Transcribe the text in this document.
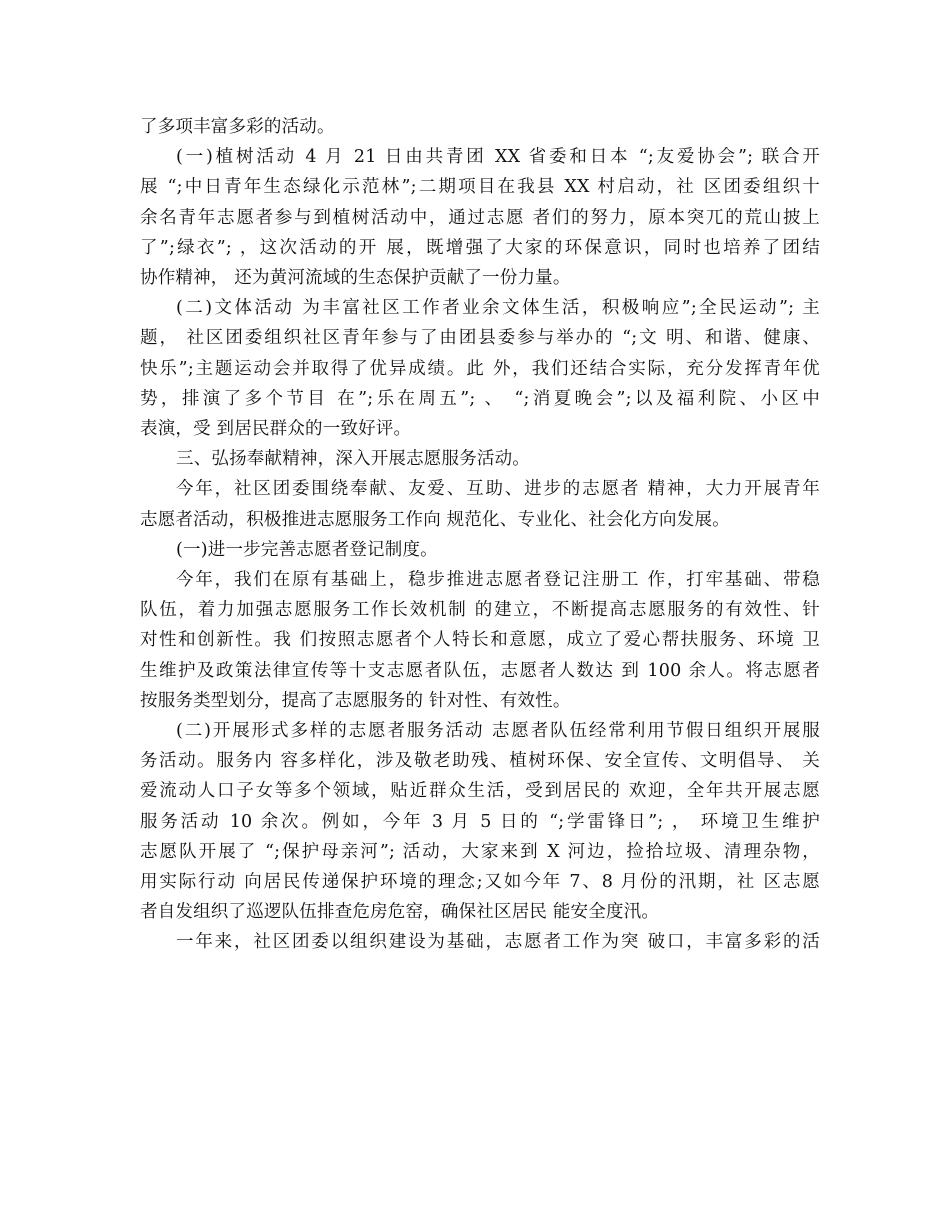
了多项丰富多彩的活动。
(一)植树活动 4 月 21 日由共青团 XX 省委和日本 “;友爱协会”; 联合开
展 “;中日青年生态绿化示范林”;二期项目在我县 XX 村启动，社 区团委组织十
余名青年志愿者参与到植树活动中，通过志愿 者们的努力，原本突兀的荒山披上
了”;绿衣”; ，这次活动的开 展，既增强了大家的环保意识，同时也培养了团结
协作精神， 还为黄河流域的生态保护贡献了一份力量。
(二)文体活动 为丰富社区工作者业余文体生活，积极响应”;全民运动”; 主
题， 社区团委组织社区青年参与了由团县委参与举办的 “;文 明、和谐、健康、
快乐”;主题运动会并取得了优异成绩。此 外，我们还结合实际，充分发挥青年优
势，排演了多个节目 在”;乐在周五”; 、 “;消夏晚会”;以及福利院、小区中
表演，受 到居民群众的一致好评。
三、弘扬奉献精神，深入开展志愿服务活动。
今年，社区团委围绕奉献、友爱、互助、进步的志愿者 精神，大力开展青年
志愿者活动，积极推进志愿服务工作向 规范化、专业化、社会化方向发展。
(一)进一步完善志愿者登记制度。
今年，我们在原有基础上，稳步推进志愿者登记注册工 作，打牢基础、带稳
队伍，着力加强志愿服务工作长效机制 的建立，不断提高志愿服务的有效性、针
对性和创新性。我 们按照志愿者个人特长和意愿，成立了爱心帮扶服务、环境 卫
生维护及政策法律宣传等十支志愿者队伍，志愿者人数达 到 100 余人。将志愿者
按服务类型划分，提高了志愿服务的 针对性、有效性。
(二)开展形式多样的志愿者服务活动 志愿者队伍经常利用节假日组织开展服
务活动。服务内 容多样化，涉及敬老助残、植树环保、安全宣传、文明倡导、 关
爱流动人口子女等多个领域，贴近群众生活，受到居民的 欢迎，全年共开展志愿
服务活动 10 余次。例如，今年 3 月 5 日的 “;学雷锋日”; ， 环境卫生维护
志愿队开展了 “;保护母亲河”; 活动，大家来到 X 河边，捡拾垃圾、清理杂物，
用实际行动 向居民传递保护环境的理念;又如今年 7、8 月份的汛期，社 区志愿
者自发组织了巡逻队伍排查危房危窑，确保社区居民 能安全度汛。
一年来，社区团委以组织建设为基础，志愿者工作为突 破口，丰富多彩的活
